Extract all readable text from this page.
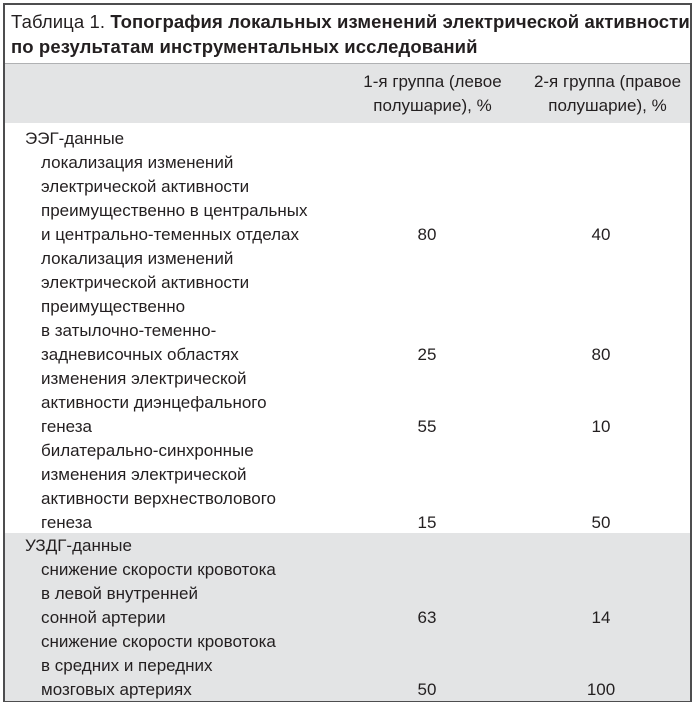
Таблица 1. Топография локальных изменений электрической активности по результатам инструментальных исследований
1-я группа (левое
полушарие), %
2-я группа (правое
полушарие), %
ЭЭГ-данные
локализация изменений
электрической активности
преимущественно в центральных
и центрально-теменных отделах	80	40
локализация изменений
электрической активности
преимущественно
в затылочно-теменно-
задневисочных областях	25	80
изменения электрической
активности диэнцефального
генеза	55	10
билатерально-синхронные
изменения электрической
активности верхнестволового
генеза	15	50
УЗДГ-данные
снижение скорости кровотока
в левой внутренней
сонной артерии	63	14
снижение скорости кровотока
в средних и передних
мозговых артериях	50	100
